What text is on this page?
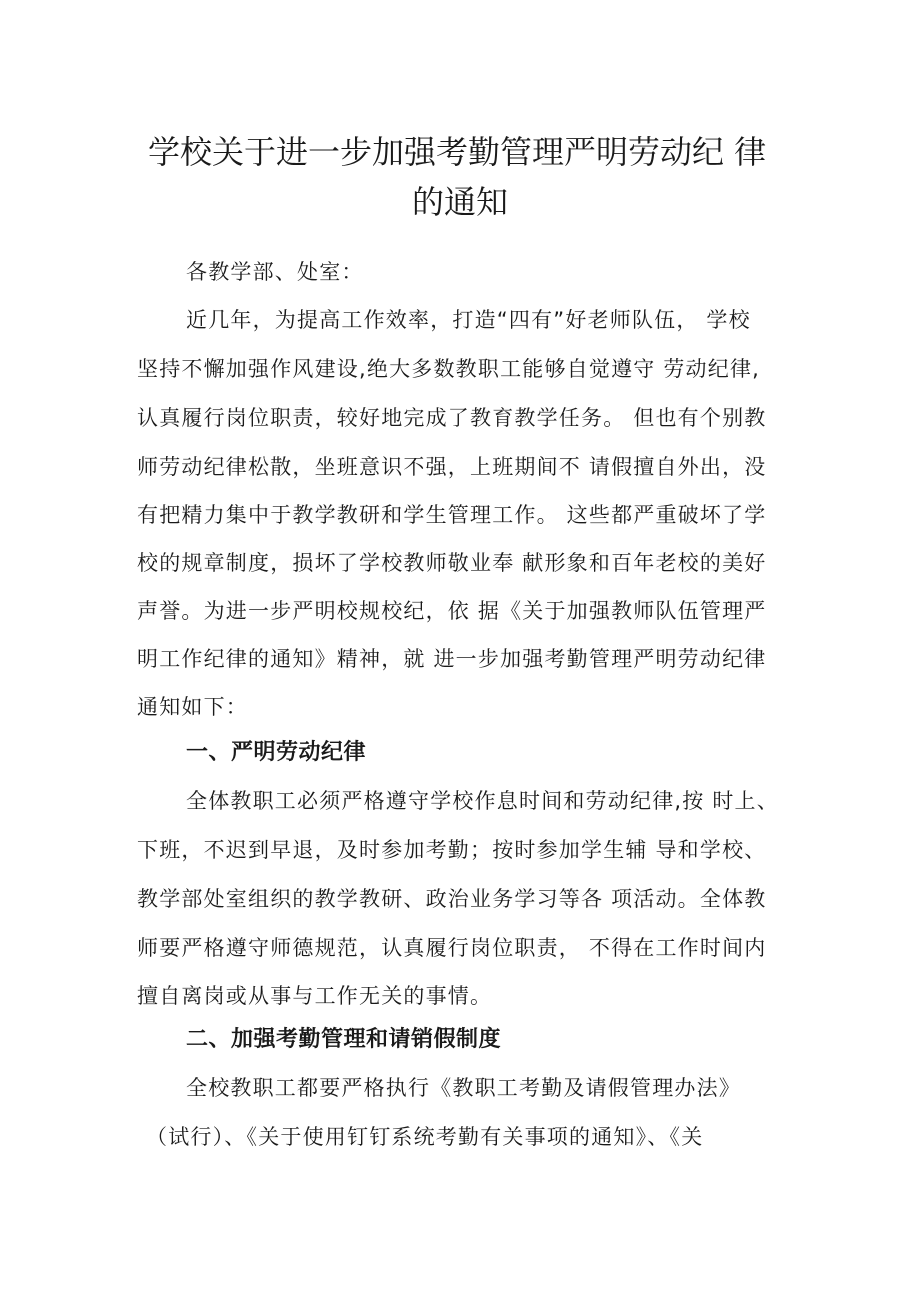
学校关于进一步加强考勤管理严明劳动纪 律
的通知
各教学部、处室：
近几年，为提高工作效率，打造“四有”好老师队伍， 学校
坚持不懈加强作风建设,绝大多数教职工能够自觉遵守 劳动纪律,
认真履行岗位职责，较好地完成了教育教学任务。 但也有个别教
师劳动纪律松散，坐班意识不强，上班期间不 请假擅自外出，没
有把精力集中于教学教研和学生管理工作。 这些都严重破坏了学
校的规章制度，损坏了学校教师敬业奉 献形象和百年老校的美好
声誉。为进一步严明校规校纪，依 据《关于加强教师队伍管理严
明工作纪律的通知》精神，就 进一步加强考勤管理严明劳动纪律
通知如下：
一、严明劳动纪律
全体教职工必须严格遵守学校作息时间和劳动纪律,按 时上、
下班，不迟到早退，及时参加考勤；按时参加学生辅 导和学校、
教学部处室组织的教学教研、政治业务学习等各 项活动。全体教
师要严格遵守师德规范，认真履行岗位职责， 不得在工作时间内
擅自离岗或从事与工作无关的事情。
二、加强考勤管理和请销假制度
全校教职工都要严格执行《教职工考勤及请假管理办法》
（试行）、《关于使用钉钉系统考勤有关事项的通知》、《关
